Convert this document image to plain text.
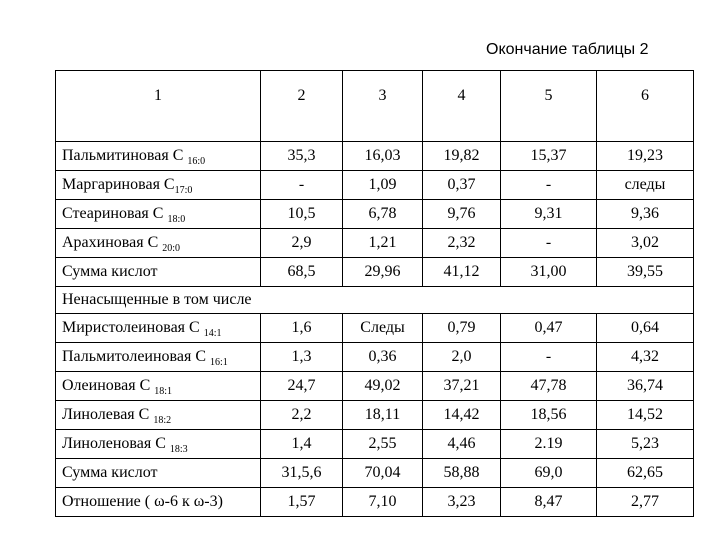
Окончание таблицы 2
1	2	3	4	5	6
Пальмитиновая С $_{16:0}$	35,3	16,03	19,82	15,37	19,23
Маргариновая $С_{17:0}$	-	1,09	0,37	-	следы
Стеариновая С $_{18:0}$	10,5	6,78	9,76	9,31	9,36
Арахиновая С $_{20:0}$	2,9	1,21	2,32	-	3,02
Сумма кислот	68,5	29,96	41,12	31,00	39,55
Ненасыщенные в том числе					
Миристолеиновая С $_{14:1}$	1,6	Следы	0,79	0,47	0,64
Пальмитолеиновая С $_{16:1}$	1,3	0,36	2,0	-	4,32
Олеиновая С $_{18:1}$	24,7	49,02	37,21	47,78	36,74
Линолевая С $_{18:2}$	2,2	18,11	14,42	18,56	14,52
Линоленовая С $_{18:3}$	1,4	2,55	4,46	2.19	5,23
Сумма кислот	31,5,6	70,04	58,88	69,0	62,65
Отношение ( ω-6 к ω-3)	1,57	7,10	3,23	8,47	2,77
